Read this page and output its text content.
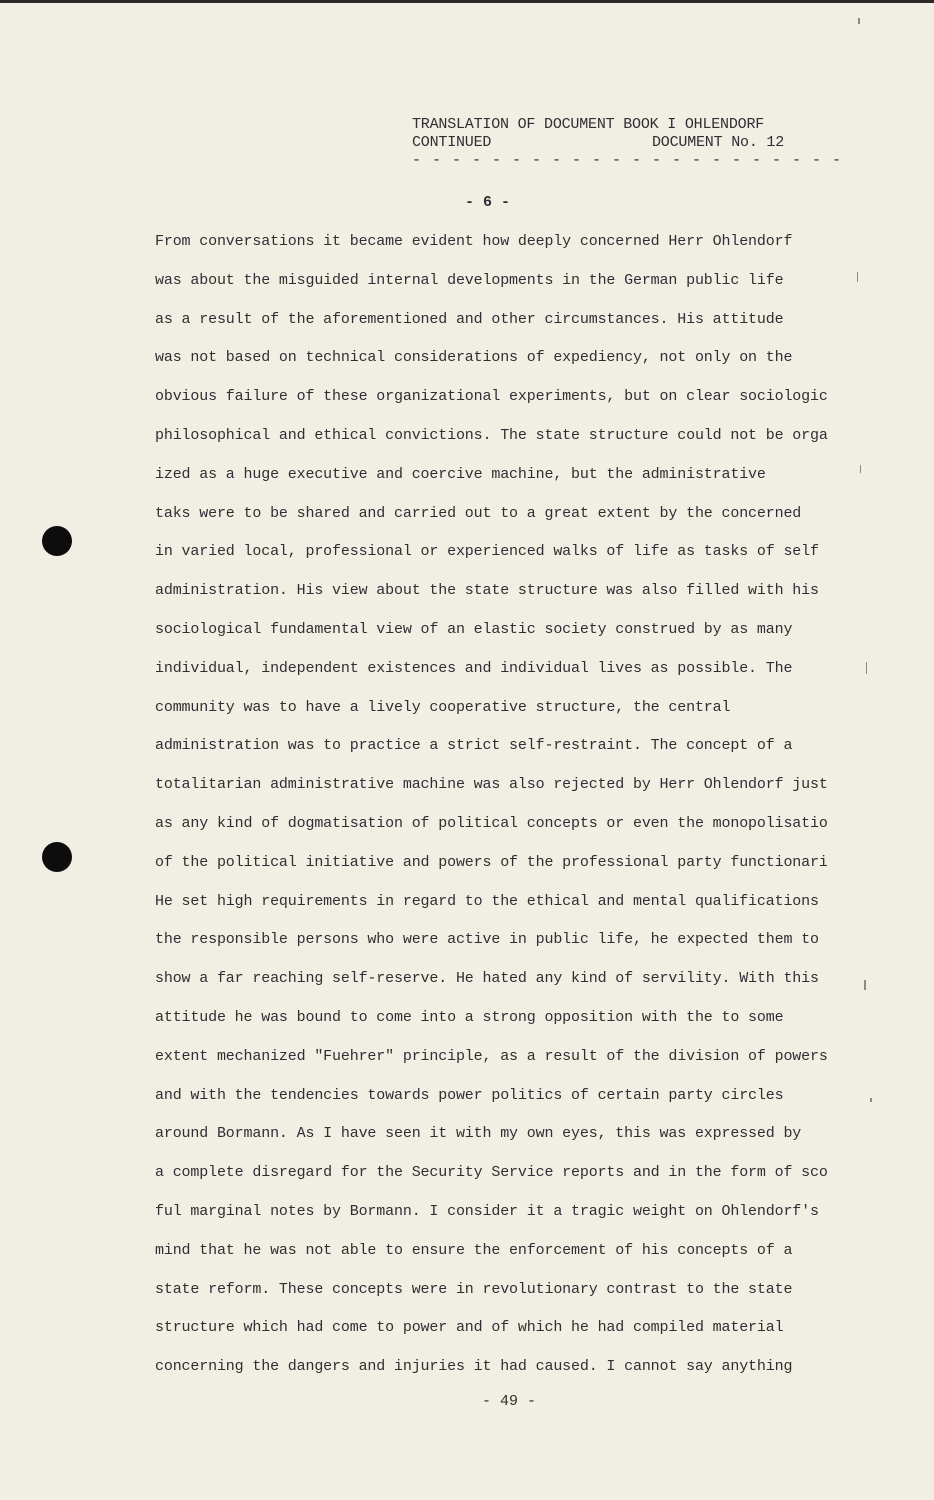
TRANSLATION OF DOCUMENT BOOK I OHLENDORF
CONTINUED	DOCUMENT No. 12
- - - - - - - - - - - - - - - - - - - - - -
- 6 -
From conversations it became evident how deeply concerned Herr Ohlendorf
was about the misguided internal developments in the German public life
as a result of the aforementioned and other circumstances. His attitude
was not based on technical considerations of expediency, not only on the
obvious failure of these organizational experiments, but on clear sociologic
philosophical and ethical convictions. The state structure could not be orga
ized as a huge executive and coercive machine, but the administrative
taks were to be shared and carried out to a great extent by the concerned
in varied local, professional or experienced walks of life as tasks of self
administration. His view about the state structure was also filled with his
sociological fundamental view of an elastic society construed by as many
individual, independent existences and individual lives as possible. The
community was to have a lively cooperative structure, the central
administration was to practice a strict self-restraint. The concept of a
totalitarian administrative machine was also rejected by Herr Ohlendorf just
as any kind of dogmatisation of political concepts or even the monopolisatio
of the political initiative and powers of the professional party functionari
He set high requirements in regard to the ethical and mental qualifications
the responsible persons who were active in public life, he expected them to
show a far reaching self-reserve. He hated any kind of servility. With this
attitude he was bound to come into a strong opposition with the to some
extent mechanized "Fuehrer" principle, as a result of the division of powers
and with the tendencies towards power politics of certain party circles
around Bormann. As I have seen it with my own eyes, this was expressed by
a complete disregard for the Security Service reports and in the form of sco
ful marginal notes by Bormann. I consider it a tragic weight on Ohlendorf's
mind that he was not able to ensure the enforcement of his concepts of a
state reform. These concepts were in revolutionary contrast to the state
structure which had come to power and of which he had compiled material
concerning the dangers and injuries it had caused. I cannot say anything
- 49 -
